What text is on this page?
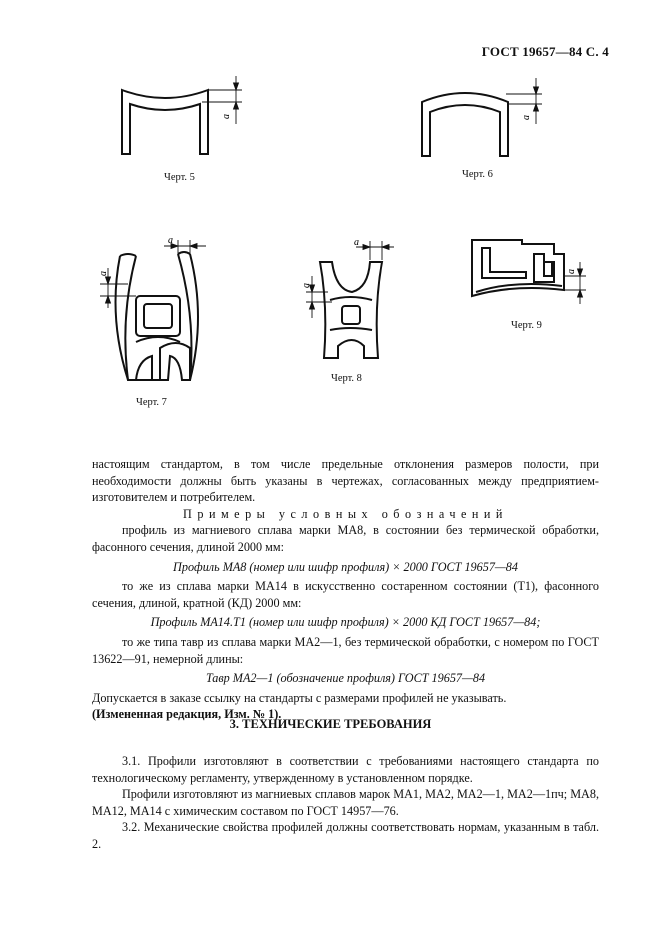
ГОСТ 19657—84 С. 4
a
Черт. 5
a
Черт. 6
a
a
Черт. 7
a
a
Черт. 8
a
Черт. 9

настоящим стандартом, в том числе предельные отклонения размеров полости, при необходимости должны быть указаны в чертежах, согласованных между предприятием-изготовителем и потребителем.

Примеры условных обозначений

профиль из магниевого сплава марки МА8, в состоянии без термической обработки, фасонного сечения, длиной 2000 мм:

Профиль МА8 (номер или шифр профиля) × 2000 ГОСТ 19657—84

то же из сплава марки МА14 в искусственно состаренном состоянии (Т1), фасонного сечения, длиной, кратной (КД) 2000 мм:

Профиль МА14.Т1 (номер или шифр профиля) × 2000 КД ГОСТ 19657—84;

то же типа тавр из сплава марки МА2—1, без термической обработки, с номером по ГОСТ 13622—91, немерной длины:

Тавр МА2—1 (обозначение профиля) ГОСТ 19657—84

Допускается в заказе ссылку на стандарты с размерами профилей не указывать.

(Измененная редакция, Изм. № 1).

3. ТЕХНИЧЕСКИЕ ТРЕБОВАНИЯ

3.1. Профили изготовляют в соответствии с требованиями настоящего стандарта по технологическому регламенту, утвержденному в установленном порядке.

Профили изготовляют из магниевых сплавов марок МА1, МА2, МА2—1, МА2—1пч; МА8, МА12, МА14 с химическим составом по ГОСТ 14957—76.

3.2. Механические свойства профилей должны соответствовать нормам, указанным в табл. 2.
